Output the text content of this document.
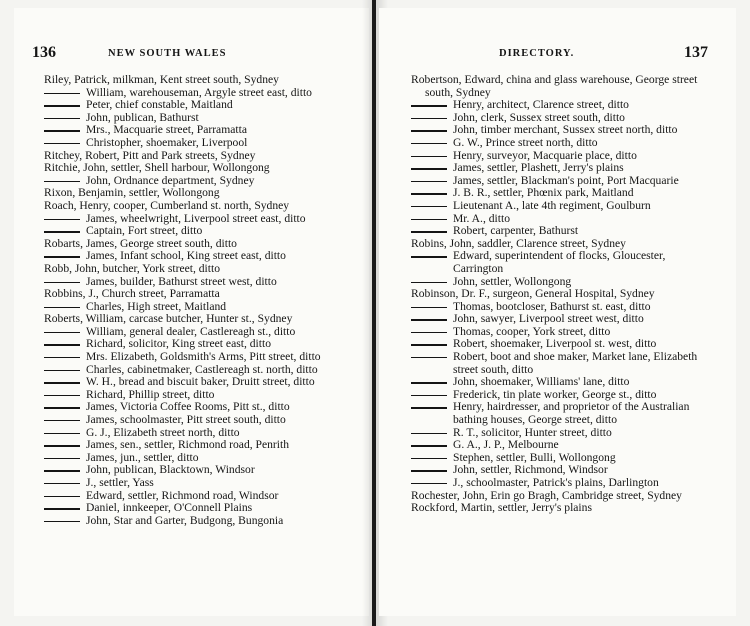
136	NEW SOUTH WALES
Riley, Patrick, milkman, Kent street south, Sydney
William, warehouseman, Argyle street east, ditto
Peter, chief constable, Maitland
John, publican, Bathurst
Mrs., Macquarie street, Parramatta
Christopher, shoemaker, Liverpool
Ritchey, Robert, Pitt and Park streets, Sydney
Ritchie, John, settler, Shell harbour, Wollongong
John, Ordnance department, Sydney
Rixon, Benjamin, settler, Wollongong
Roach, Henry, cooper, Cumberland st. north, Sydney
James, wheelwright, Liverpool street east, ditto
Captain, Fort street, ditto
Robarts, James, George street south, ditto
James, Infant school, King street east, ditto
Robb, John, butcher, York street, ditto
James, builder, Bathurst street west, ditto
Robbins, J., Church street, Parramatta
Charles, High street, Maitland
Roberts, William, carcase butcher, Hunter st., Sydney
William, general dealer, Castlereagh st., ditto
Richard, solicitor, King street east, ditto
Mrs. Elizabeth, Goldsmith's Arms, Pitt street, ditto
Charles, cabinetmaker, Castlereagh st. north, ditto
W. H., bread and biscuit baker, Druitt street, ditto
Richard, Phillip street, ditto
James, Victoria Coffee Rooms, Pitt st., ditto
James, schoolmaster, Pitt street south, ditto
G. J., Elizabeth street north, ditto
James, sen., settler, Richmond road, Penrith
James, jun., settler, ditto
John, publican, Blacktown, Windsor
J., settler, Yass
Edward, settler, Richmond road, Windsor
Daniel, innkeeper, O'Connell Plains
John, Star and Garter, Budgong, Bungonia
DIRECTORY.	137
Robertson, Edward, china and glass warehouse, George street south, Sydney
Henry, architect, Clarence street, ditto
John, clerk, Sussex street south, ditto
John, timber merchant, Sussex street north, ditto
G. W., Prince street north, ditto
Henry, surveyor, Macquarie place, ditto
James, settler, Plashett, Jerry's plains
James, settler, Blackman's point, Port Macquarie
J. B. R., settler, Phœnix park, Maitland
Lieutenant A., late 4th regiment, Goulburn
Mr. A., ditto
Robert, carpenter, Bathurst
Robins, John, saddler, Clarence street, Sydney
Edward, superintendent of flocks, Gloucester, Carrington
John, settler, Wollongong
Robinson, Dr. F., surgeon, General Hospital, Sydney
Thomas, bootcloser, Bathurst st. east, ditto
John, sawyer, Liverpool street west, ditto
Thomas, cooper, York street, ditto
Robert, shoemaker, Liverpool st. west, ditto
Robert, boot and shoe maker, Market lane, Elizabeth street south, ditto
John, shoemaker, Williams' lane, ditto
Frederick, tin plate worker, George st., ditto
Henry, hairdresser, and proprietor of the Australian bathing houses, George street, ditto
R. T., solicitor, Hunter street, ditto
G. A., J. P., Melbourne
Stephen, settler, Bulli, Wollongong
John, settler, Richmond, Windsor
J., schoolmaster, Patrick's plains, Darlington
Rochester, John, Erin go Bragh, Cambridge street, Sydney
Rockford, Martin, settler, Jerry's plains
